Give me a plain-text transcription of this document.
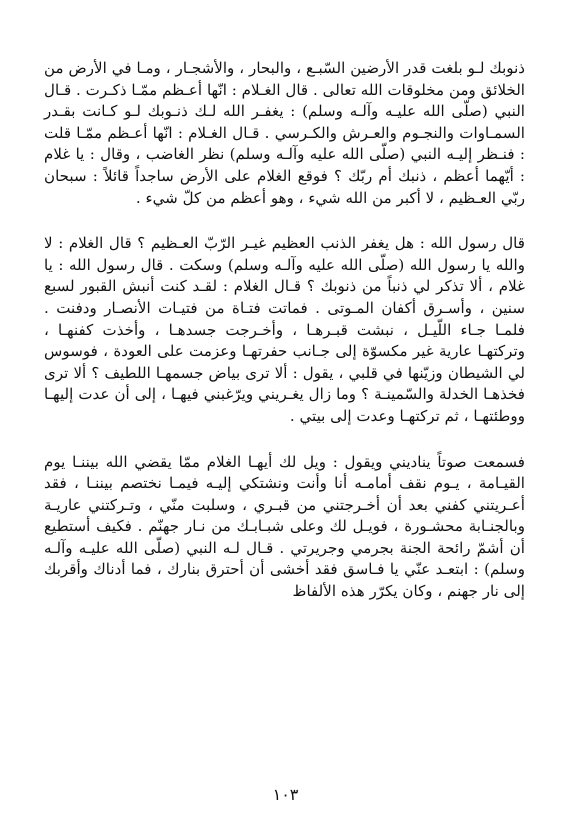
ذنوبك لـو بلغت قدر الأرضين السّبـع ، والبحار ، والأشجـار ، ومـا في الأرض من الخلائق ومن مخلوقات الله تعالى . قال الغـلام : انّها أعـظم ممّـا ذكـرت . قـال النبي (صلّى الله عليـه وآلـه وسلم) : يغفـر الله لـك ذنـوبك لـو كـانت بقـدر السمـاوات والنجـوم والعـرش والكـرسي . قـال الغـلام : انّها أعـظم ممّـا قلت : فنـظر إليـه النبي (صلّى الله عليه وآلـه وسلم) نظر الغاضب ، وقال : يا غلام : أيّهما أعظم ، ذنبك أم ربّك ؟ فوقع الغلام على الأرض ساجداً قائلاً : سبحان ربّي العـظيم ، لا أكبر من الله شيء ، وهو أعظم من كلّ شيء .

قال رسول الله : هل يغفر الذنب العظيم غيـر الرّبّ العـظيم ؟ قال الغلام : لا والله يا رسول الله (صلّى الله عليه وآلـه وسلم) وسكت . قال رسول الله : يا غلام ، ألا تذكر لي ذنباً من ذنوبك ؟ قـال الغلام : لقـد كنت أنبش القبور لسبع سنين ، وأسـرق أكفان المـوتى . فماتت فتـاة من فتيـات الأنصـار ودفنت . فلمـا جـاء اللّيـل ، نبشت قبـرهـا ، وأخـرجت جسدهـا ، وأخذت كفنهـا ، وتركتهـا عارية غير مكسوّة إلى جـانب حفرتهـا وعزمت على العودة ، فوسوس لي الشيطان وزيّنها في قلبي ، يقول : ألا ترى بياض جسمهـا اللطيف ؟ ألا ترى فخذهـا الخدلة والسّمينـة ؟ وما زال يغـريني ويرّغبني فيهـا ، إلى أن عدت إليهـا ووطئتهـا ، ثم تركتهـا وعدت إلى بيتي .

فسمعت صوتاً يناديني ويقول : ويل لك أيهـا الغلام ممّا يقضي الله بيننـا يوم القيـامة ، يـوم نقف أمامـه أنا وأنت ونشتكي إليـه فيمـا نختصم بيننـا ، فقد أعـريتني كفني بعد أن أخـرجتني من قبـري ، وسلبت منّي ، وتـركتني عاريـة وبالجنـابة محشـورة ، فويـل لك وعلى شبـابـك من نـار جهنّم . فكيف أستطيع أن أشمّ رائحة الجنة بجرمي وجريرتي . قـال لـه النبي (صلّى الله عليـه وآلـه وسلم) : ابتعـد عنّي يا فـاسق فقد أخشى أن أحترق بنارك ، فما أدناك وأقربك إلى نار جهنم ، وكان يكرّر هذه الألفاظ

١٠٣
